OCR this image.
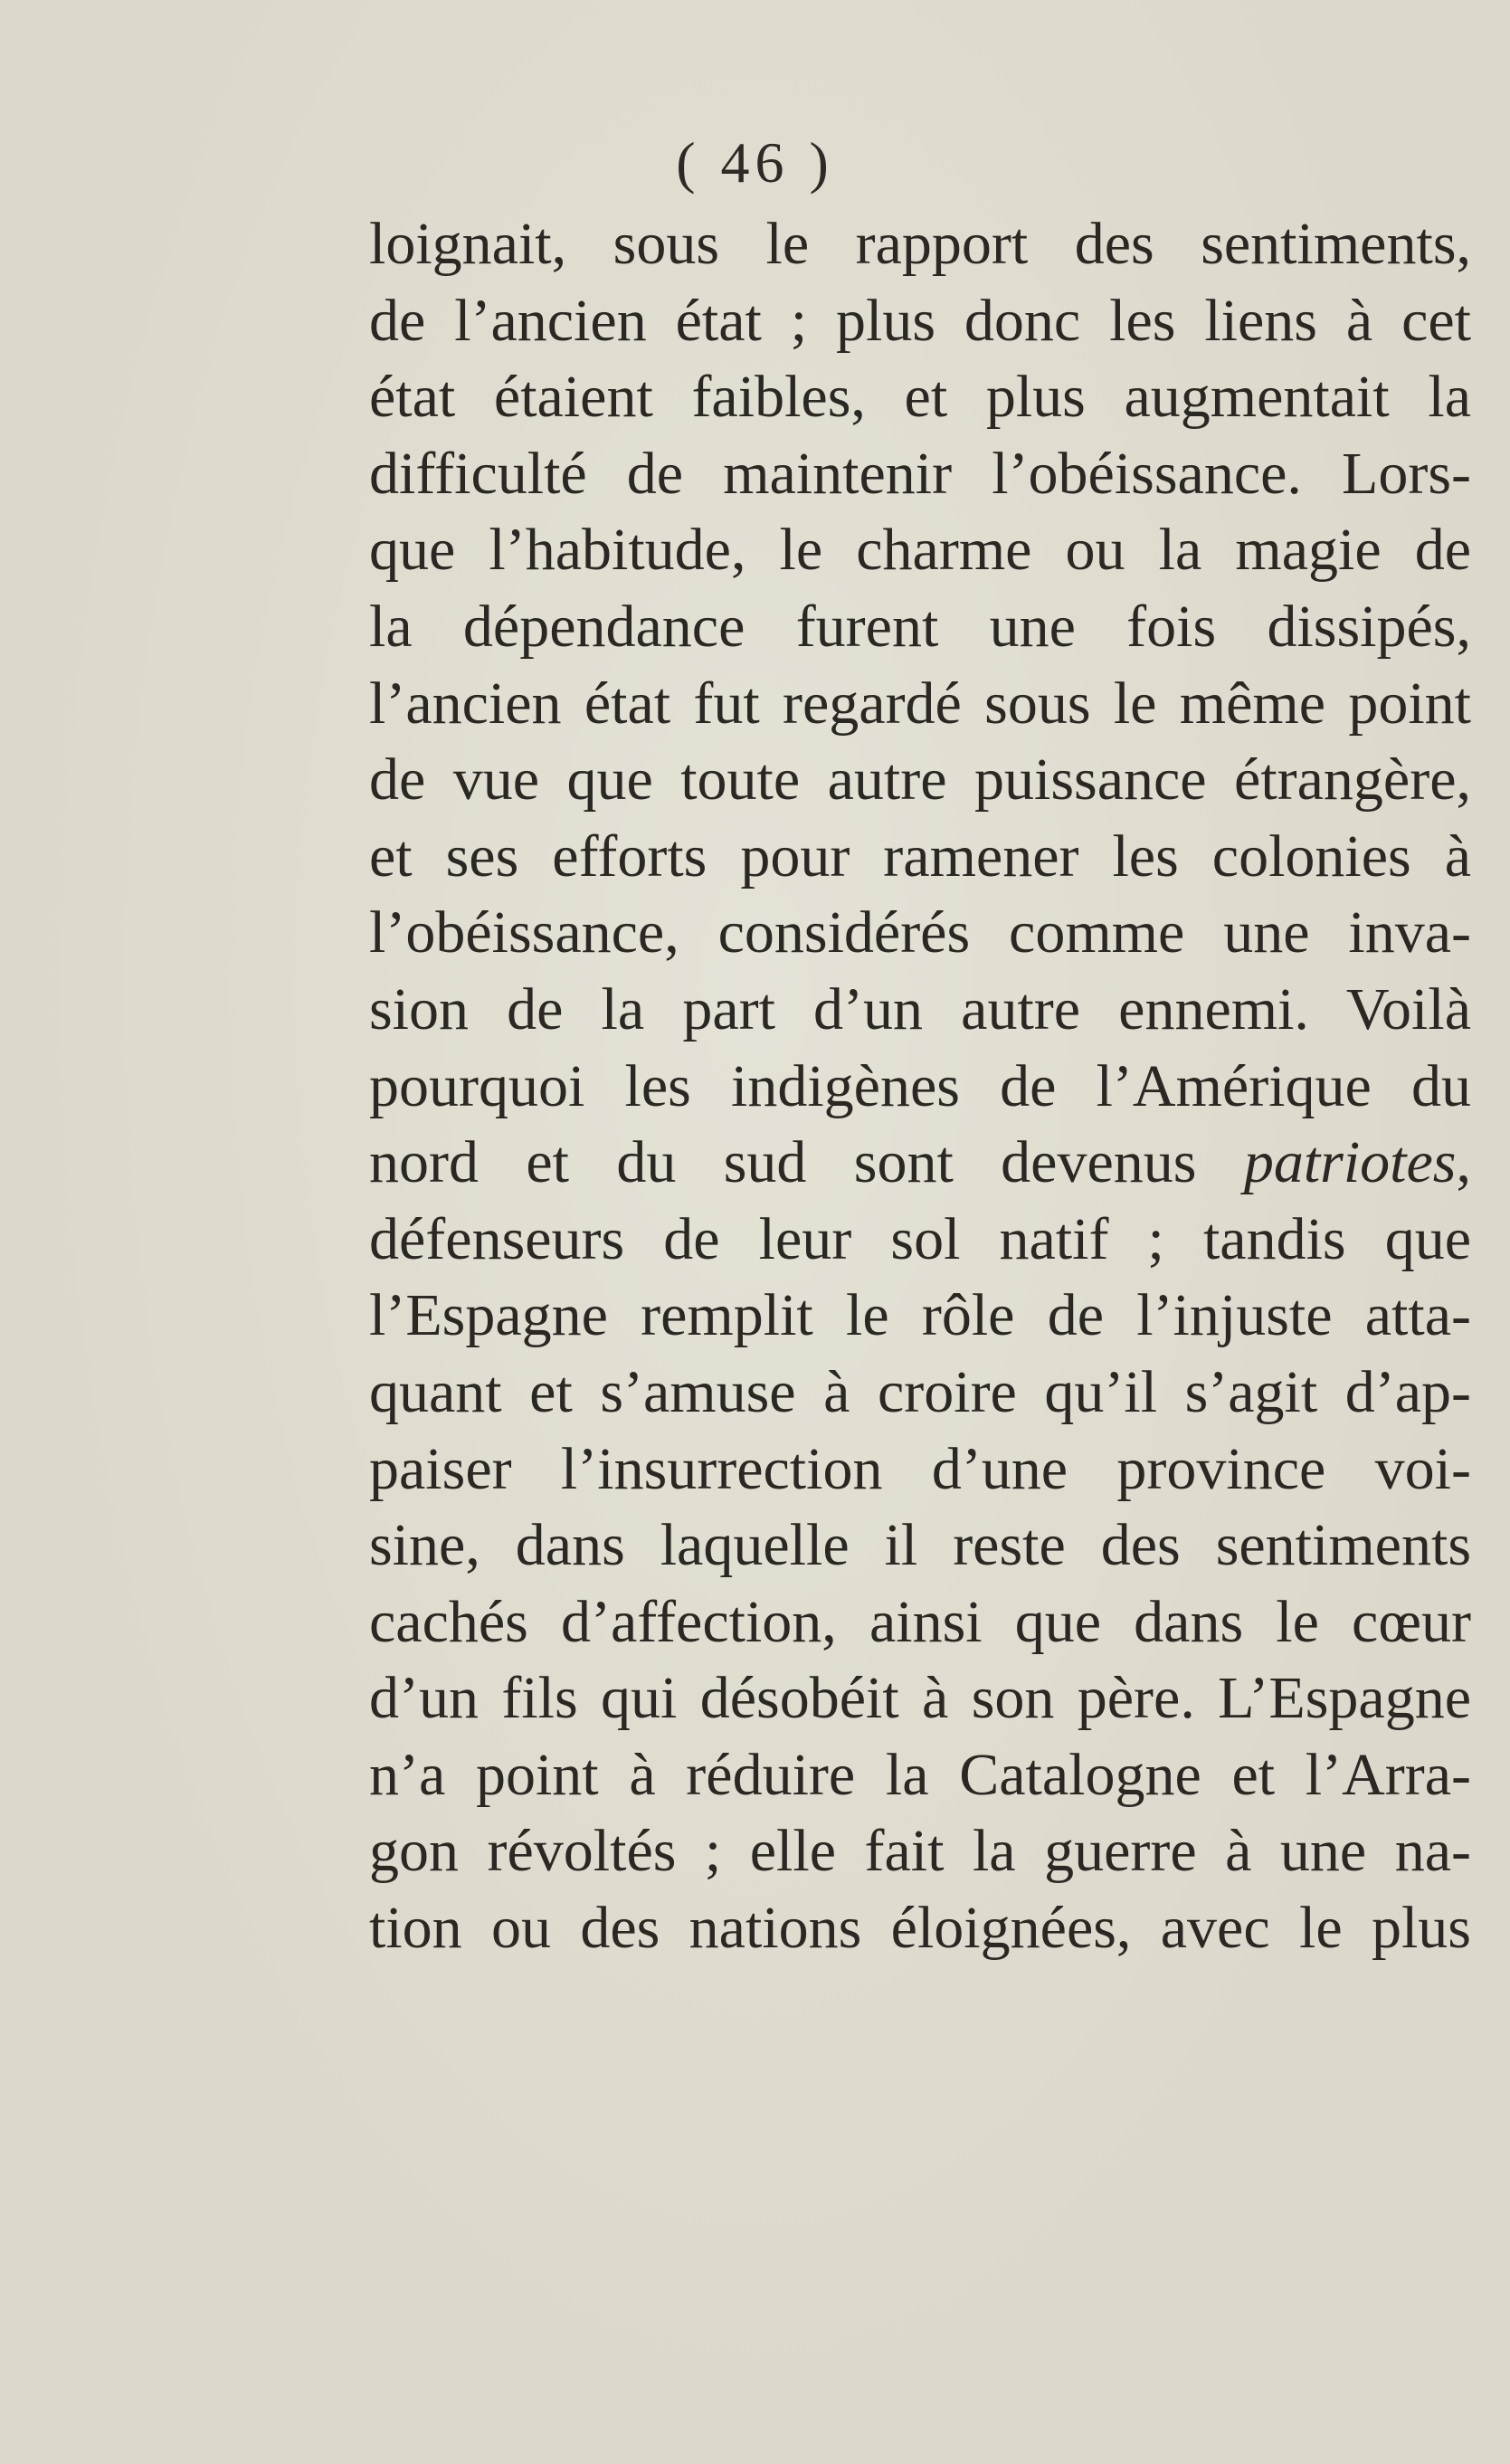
( 46 )
loignait, sous le rapport des sentiments,
de l’ancien état ; plus donc les liens à cet
état étaient faibles, et plus augmentait la
difficulté de maintenir l’obéissance. Lors-
que l’habitude, le charme ou la magie de
la dépendance furent une fois dissipés,
l’ancien état fut regardé sous le même point
de vue que toute autre puissance étrangère,
et ses efforts pour ramener les colonies à
l’obéissance, considérés comme une inva-
sion de la part d’un autre ennemi. Voilà
pourquoi les indigènes de l’Amérique du
nord et du sud sont devenus patriotes,
défenseurs de leur sol natif ; tandis que
l’Espagne remplit le rôle de l’injuste atta-
quant et s’amuse à croire qu’il s’agit d’ap-
paiser l’insurrection d’une province voi-
sine, dans laquelle il reste des sentiments
cachés d’affection, ainsi que dans le cœur
d’un fils qui désobéit à son père. L’Espagne
n’a point à réduire la Catalogne et l’Arra-
gon révoltés ; elle fait la guerre à une na-
tion ou des nations éloignées, avec le plus
